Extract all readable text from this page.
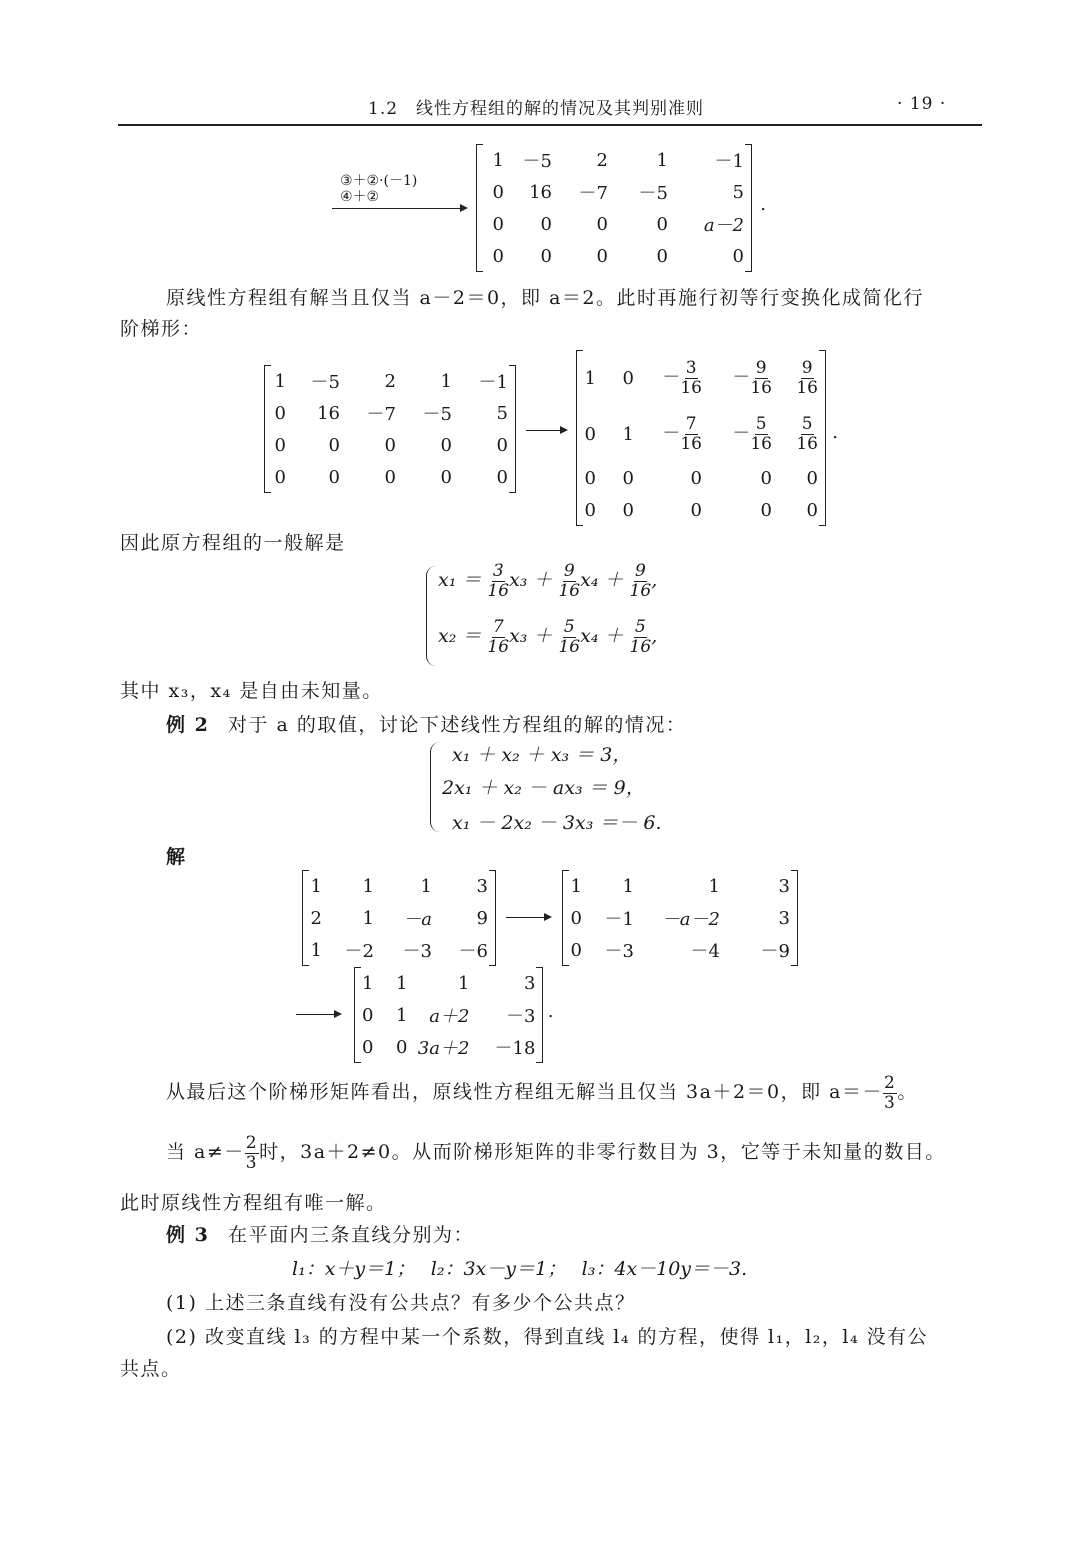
1.2　线性方程组的解的情况及其判别准则	· 19 ·
③＋②·(－1)
④＋②
1	－5	2	1	－1
0	16	－7	－5	5
0	0	0	0	a－2
0	0	0	0	0
.
原线性方程组有解当且仅当 a－2＝0，即 a＝2。此时再施行初等行变换化成简化行
阶梯形：
1	－5	2	1	－1
0	16	－7	－5	5
0	0	0	0	0
0	0	0	0	0
1	0	－ $\frac{3}{16}$	－ $\frac{9}{16}$	$\frac{9}{16}$

0	1	－ $\frac{7}{16}$	－ $\frac{5}{16}$	$\frac{5}{16}$

0	0	0	0	0
0	0	0	0	0
.
因此原方程组的一般解是
$x_1 = \frac{3}{16} x_3 + \frac{9}{16} x_4 + \frac{9}{16}$ ,
$x_2 = \frac{7}{16} x_3 + \frac{5}{16} x_4 + \frac{5}{16}$ ,
其中 x₃，x₄ 是自由未知量。
例 2 对于 a 的取值，讨论下述线性方程组的解的情况：
x₁ ＋ x₂ ＋ x₃ ＝ 3，
2x₁ ＋ x₂ － ax₃ ＝ 9，
x₁ － 2x₂ － 3x₃ ＝－ 6.
解
1	1	1	3
2	1	－a	9
1	－2	－3	－6
1	1	1	3
0	－1	－a－2	3
0	－3	－4	－9
1	1	1	3
0	1	a＋2	－3
0	0	3a＋2	－18
.
从最后这个阶梯形矩阵看出，原线性方程组无解当且仅当 3a＋2＝0，即 $a=- \frac{2}{3}$ 。
当 $a\ne- \frac{2}{3}$ 时，3a＋2≠0。从而阶梯形矩阵的非零行数目为 3，它等于未知量的数目。
此时原线性方程组有唯一解。
例 3 在平面内三条直线分别为：
l₁：x＋y＝1；　 l₂：3x－y＝1；　 l₃：4x－10y＝－3.
(1) 上述三条直线有没有公共点？有多少个公共点？
(2) 改变直线 l₃ 的方程中某一个系数，得到直线 l₄ 的方程，使得 l₁，l₂，l₄ 没有公
共点。
